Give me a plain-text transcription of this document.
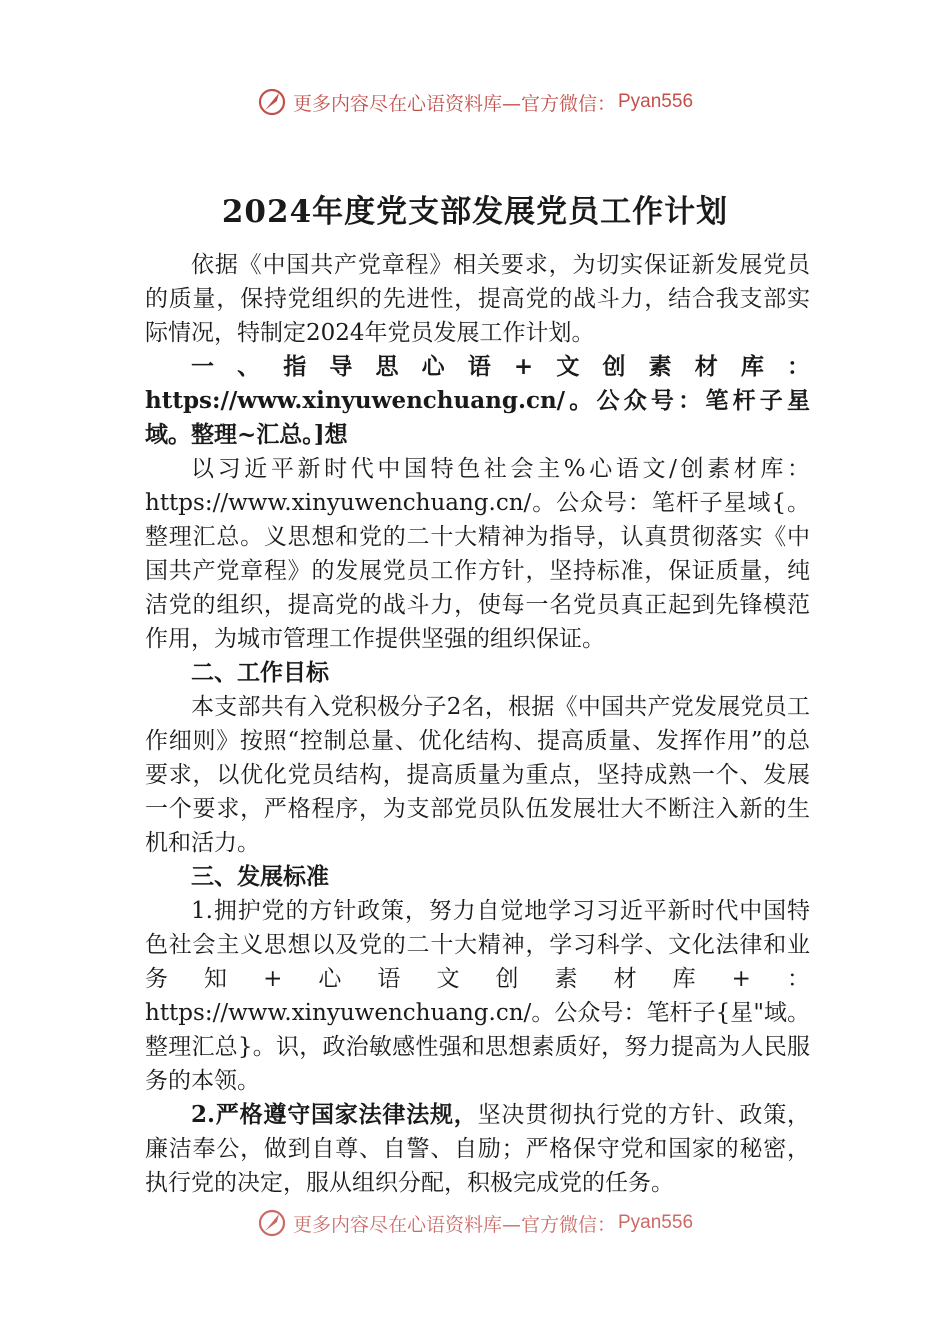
更多内容尽在心语资料库—官方微信： Pyan556
2024年度党支部发展党员工作计划

依据《中国共产党章程》相关要求，为切实保证新发展党员的质量，保持党组织的先进性，提高党的战斗力，结合我支部实际情况，特制定2024年党员发展工作计划。

一、指导思心语+文创素材库：https://www.xinyuwenchuang.cn/。公众号：笔杆子星域。整理~汇总。]想

以习近平新时代中国特色社会主%心语文/创素材库：https://www.xinyuwenchuang.cn/。公众号：笔杆子星域{。整理汇总。义思想和党的二十大精神为指导，认真贯彻落实《中国共产党章程》的发展党员工作方针，坚持标准，保证质量，纯洁党的组织，提高党的战斗力，使每一名党员真正起到先锋模范作用，为城市管理工作提供坚强的组织保证。

二、工作目标

本支部共有入党积极分子2名，根据《中国共产党发展党员工作细则》按照“控制总量、优化结构、提高质量、发挥作用”的总要求，以优化党员结构，提高质量为重点，坚持成熟一个、发展一个要求，严格程序，为支部党员队伍发展壮大不断注入新的生机和活力。

三、发展标准

1.拥护党的方针政策，努力自觉地学习习近平新时代中国特色社会主义思想以及党的二十大精神，学习科学、文化法律和业务知+心语文创素材库+：https://www.xinyuwenchuang.cn/。公众号：笔杆子{星"域。整理汇总}。识，政治敏感性强和思想素质好，努力提高为人民服务的本领。

2.严格遵守国家法律法规，坚决贯彻执行党的方针、政策，廉洁奉公，做到自尊、自警、自励；严格保守党和国家的秘密，执行党的决定，服从组织分配，积极完成党的任务。

更多内容尽在心语资料库—官方微信： Pyan556
